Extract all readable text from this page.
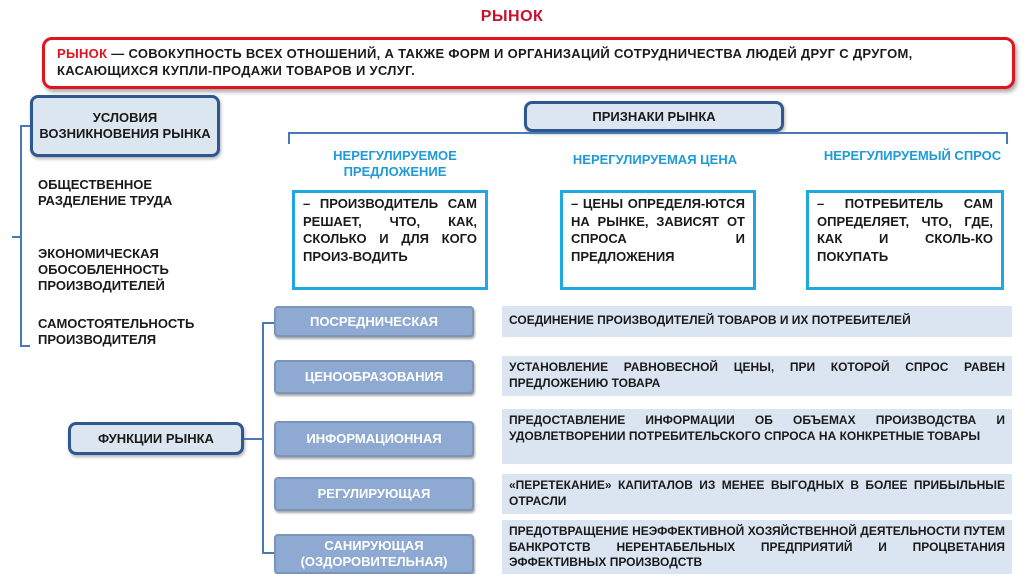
РЫНОК
РЫНОК — СОВОКУПНОСТЬ ВСЕХ ОТНОШЕНИЙ, А ТАКЖЕ ФОРМ И ОРГАНИЗАЦИЙ СОТРУДНИЧЕСТВА ЛЮДЕЙ ДРУГ С ДРУГОМ, КАСАЮЩИХСЯ КУПЛИ-ПРОДАЖИ ТОВАРОВ И УСЛУГ.
УСЛОВИЯ ВОЗНИКНОВЕНИЯ РЫНКА
ОБЩЕСТВЕННОЕ РАЗДЕЛЕНИЕ ТРУДА
ЭКОНОМИЧЕСКАЯ ОБОСОБЛЕННОСТЬ ПРОИЗВОДИТЕЛЕЙ
САМОСТОЯТЕЛЬНОСТЬ ПРОИЗВОДИТЕЛЯ
ПРИЗНАКИ РЫНКА
НЕРЕГУЛИРУЕМОЕ ПРЕДЛОЖЕНИЕ
НЕРЕГУЛИРУЕМАЯ ЦЕНА	НЕРЕГУЛИРУЕМЫЙ СПРОС
– ПРОИЗВОДИТЕЛЬ САМ РЕШАЕТ, ЧТО, КАК, СКОЛЬКО И ДЛЯ КОГО ПРОИЗ-ВОДИТЬ
– ЦЕНЫ ОПРЕДЕЛЯ-ЮТСЯ НА РЫНКЕ, ЗАВИСЯТ ОТ СПРОСА И ПРЕДЛОЖЕНИЯ
– ПОТРЕБИТЕЛЬ САМ ОПРЕДЕЛЯЕТ, ЧТО, ГДЕ, КАК И СКОЛЬ-КО ПОКУПАТЬ
ФУНКЦИИ РЫНКА
ПОСРЕДНИЧЕСКАЯ
ЦЕНООБРАЗОВАНИЯ
ИНФОРМАЦИОННАЯ
РЕГУЛИРУЮЩАЯ
САНИРУЮЩАЯ (ОЗДОРОВИТЕЛЬНАЯ)
СОЕДИНЕНИЕ ПРОИЗВОДИТЕЛЕЙ ТОВАРОВ И ИХ ПОТРЕБИТЕЛЕЙ
УСТАНОВЛЕНИЕ РАВНОВЕСНОЙ ЦЕНЫ, ПРИ КОТОРОЙ СПРОС РАВЕН ПРЕДЛОЖЕНИЮ ТОВАРА
ПРЕДОСТАВЛЕНИЕ ИНФОРМАЦИИ ОБ ОБЪЕМАХ ПРОИЗВОДСТВА И УДОВЛЕТВОРЕНИИ ПОТРЕБИТЕЛЬСКОГО СПРОСА НА КОНКРЕТНЫЕ ТОВАРЫ
«ПЕРЕТЕКАНИЕ» КАПИТАЛОВ ИЗ МЕНЕЕ ВЫГОДНЫХ В БОЛЕЕ ПРИБЫЛЬНЫЕ ОТРАСЛИ
ПРЕДОТВРАЩЕНИЕ НЕЭФФЕКТИВНОЙ ХОЗЯЙСТВЕННОЙ ДЕЯТЕЛЬНОСТИ ПУТЕМ БАНКРОТСТВ НЕРЕНТАБЕЛЬНЫХ ПРЕДПРИЯТИЙ И ПРОЦВЕТАНИЯ ЭФФЕКТИВНЫХ ПРОИЗВОДСТВ
